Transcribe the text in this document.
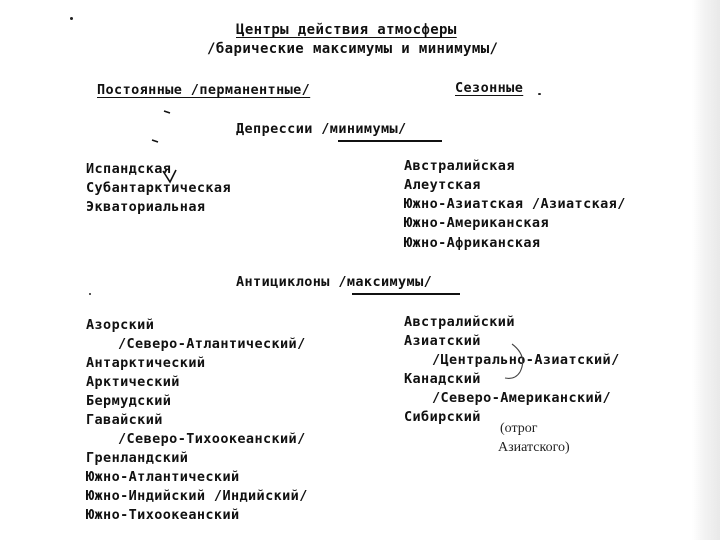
Центры действия атмосферы
/барические максимумы и минимумы/
Постоянные /перманентные/	Сезонные
Депрессии /минимумы/
Испандская
Субантарктическая
Экваториальная
Австралийская
Алеутская
Южно-Азиатская /Азиатская/
Южно-Американская
Южно-Африканская
Антициклоны /максимумы/
Азорский
/Северо-Атлантический/
Антарктический
Арктический
Бермудский
Гавайский
/Северо-Тихоокеанский/
Гренландский
Южно-Атлантический
Южно-Индийский /Индийский/
Южно-Тихоокеанский
Австралийский
Азиатский
/Центрально-Азиатский/
Канадский
/Северо-Американский/
Сибирский
(отрог
Азиатского)
